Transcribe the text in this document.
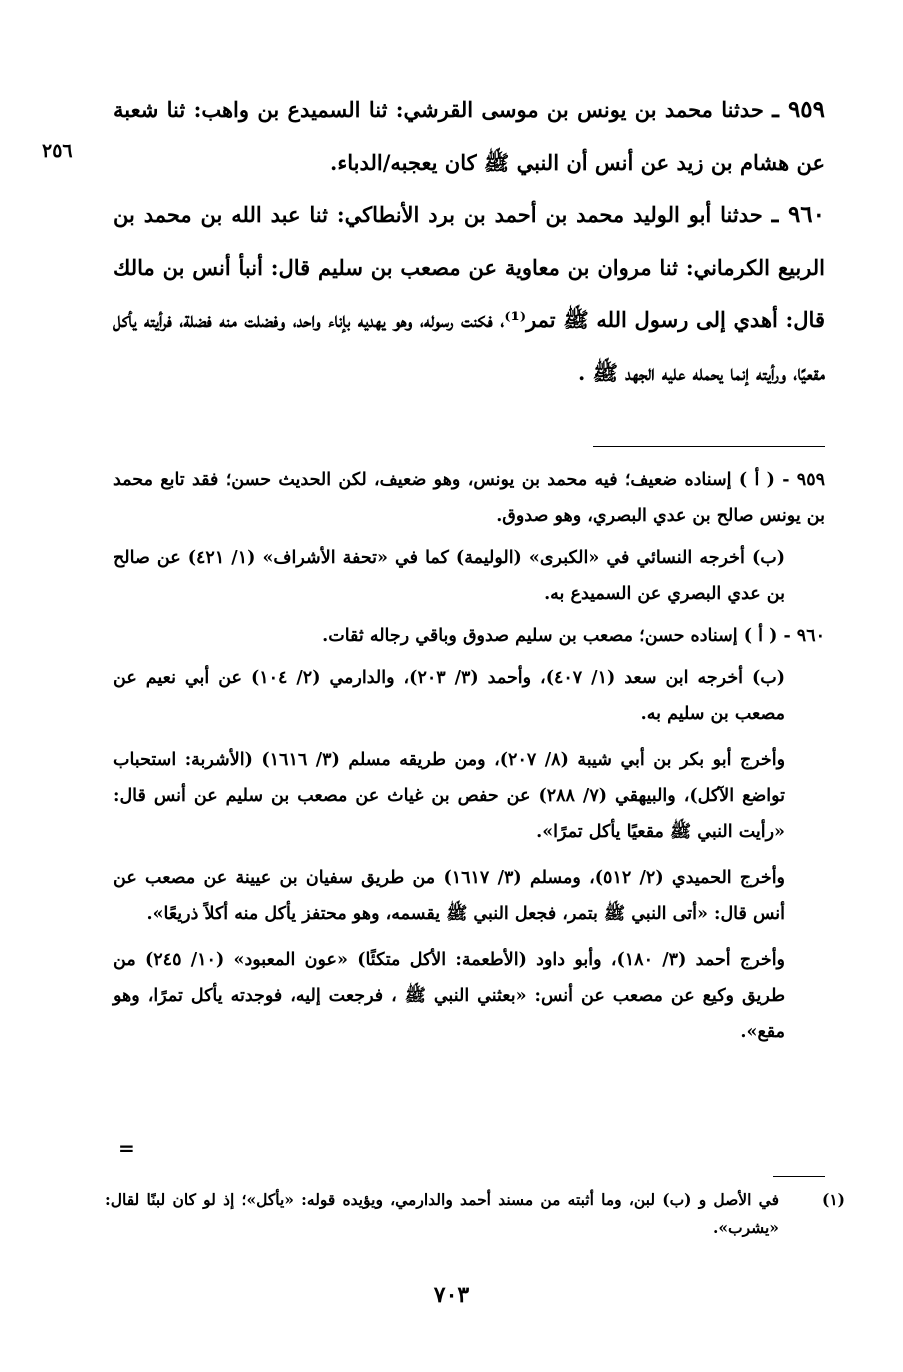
٩٥٩ ـ حدثنا محمد بن يونس بن موسى القرشي: ثنا السميدع بن واهب: ثنا شعبة عن هشام بن زيد عن أنس أن النبي ﷺ كان يعجبه/الدباء.

٩٦٠ ـ حدثنا أبو الوليد محمد بن أحمد بن برد الأنطاكي: ثنا عبد الله بن محمد بن الربيع الكرماني: ثنا مروان بن معاوية عن مصعب بن سليم قال: أنبأ أنس بن مالك قال: أهدي إلى رسول الله ﷺ تمر⁽¹⁾، فكنت رسوله، وهو يهديه بإناء واحد، وفضلت منه فضلة، فرأيته يأكل مقعيًا، ورأيته إنما يحمله عليه الجهد ﷺ .

٢٥٦

٩٥٩ - ( أ ) إسناده ضعيف؛ فيه محمد بن يونس، وهو ضعيف، لكن الحديث حسن؛ فقد تابع محمد بن يونس صالح بن عدي البصري، وهو صدوق.

(ب) أخرجه النسائي في «الكبرى» (الوليمة) كما في «تحفة الأشراف» (١/ ٤٢١) عن صالح بن عدي البصري عن السميدع به.

٩٦٠ - ( أ ) إسناده حسن؛ مصعب بن سليم صدوق وباقي رجاله ثقات.

(ب) أخرجه ابن سعد (١/ ٤٠٧)، وأحمد (٣/ ٢٠٣)، والدارمي (٢/ ١٠٤) عن أبي نعيم عن مصعب بن سليم به.

وأخرج أبو بكر بن أبي شيبة (٨/ ٢٠٧)، ومن طريقه مسلم (٣/ ١٦١٦) (الأشربة: استحباب تواضع الآكل)، والبيهقي (٧/ ٢٨٨) عن حفص بن غياث عن مصعب بن سليم عن أنس قال: «رأيت النبي ﷺ مقعيًا يأكل تمرًا».

وأخرج الحميدي (٢/ ٥١٢)، ومسلم (٣/ ١٦١٧) من طريق سفيان بن عيينة عن مصعب عن أنس قال: «أتى النبي ﷺ بتمر، فجعل النبي ﷺ يقسمه، وهو محتفز يأكل منه أكلاً ذريعًا».

وأخرج أحمد (٣/ ١٨٠)، وأبو داود (الأطعمة: الأكل متكئًا) «عون المعبود» (١٠/ ٢٤٥) من طريق وكيع عن مصعب عن أنس: «بعثني النبي ﷺ ، فرجعت إليه، فوجدته يأكل تمرًا، وهو مقع».

=
(١)
في الأصل و (ب) لبن، وما أثبته من مسند أحمد والدارمي، ويؤيده قوله: «يأكل»؛ إذ لو كان لبنًا لقال: «يشرب».
٧٠٣
